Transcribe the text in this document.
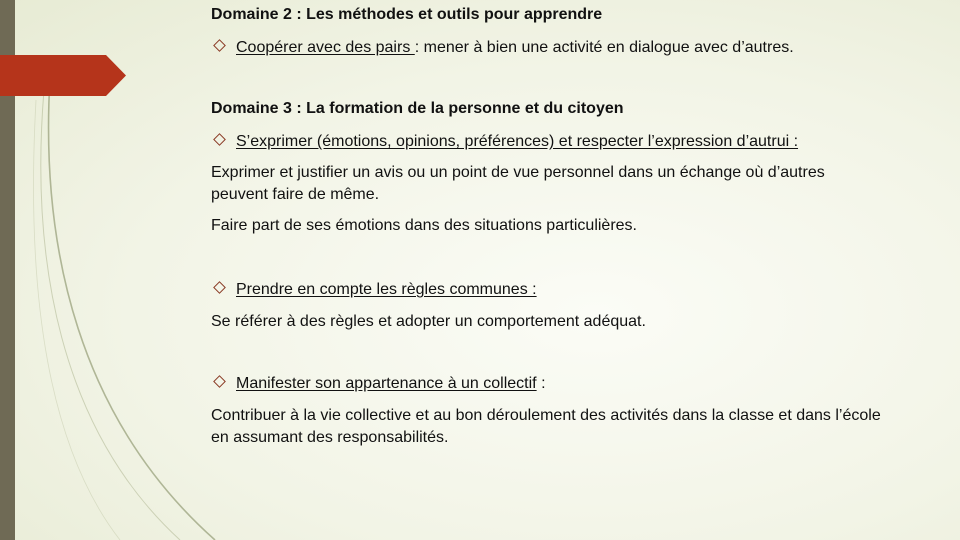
Domaine 2 : Les méthodes et outils pour apprendre
Coopérer avec des pairs : mener à bien une activité en dialogue avec d’autres.
Domaine 3 : La formation de la personne et du citoyen
S’exprimer (émotions, opinions, préférences) et respecter l’expression d’autrui :
Exprimer et justifier un avis ou un point de vue personnel dans un échange où d’autres peuvent faire de même.
Faire part de ses émotions dans des situations particulières.
Prendre en compte les règles communes :
Se référer à des règles et adopter un comportement adéquat.
Manifester son appartenance à un collectif :
Contribuer à la vie collective et au bon déroulement des activités dans la classe et dans l’école en assumant des responsabilités.
